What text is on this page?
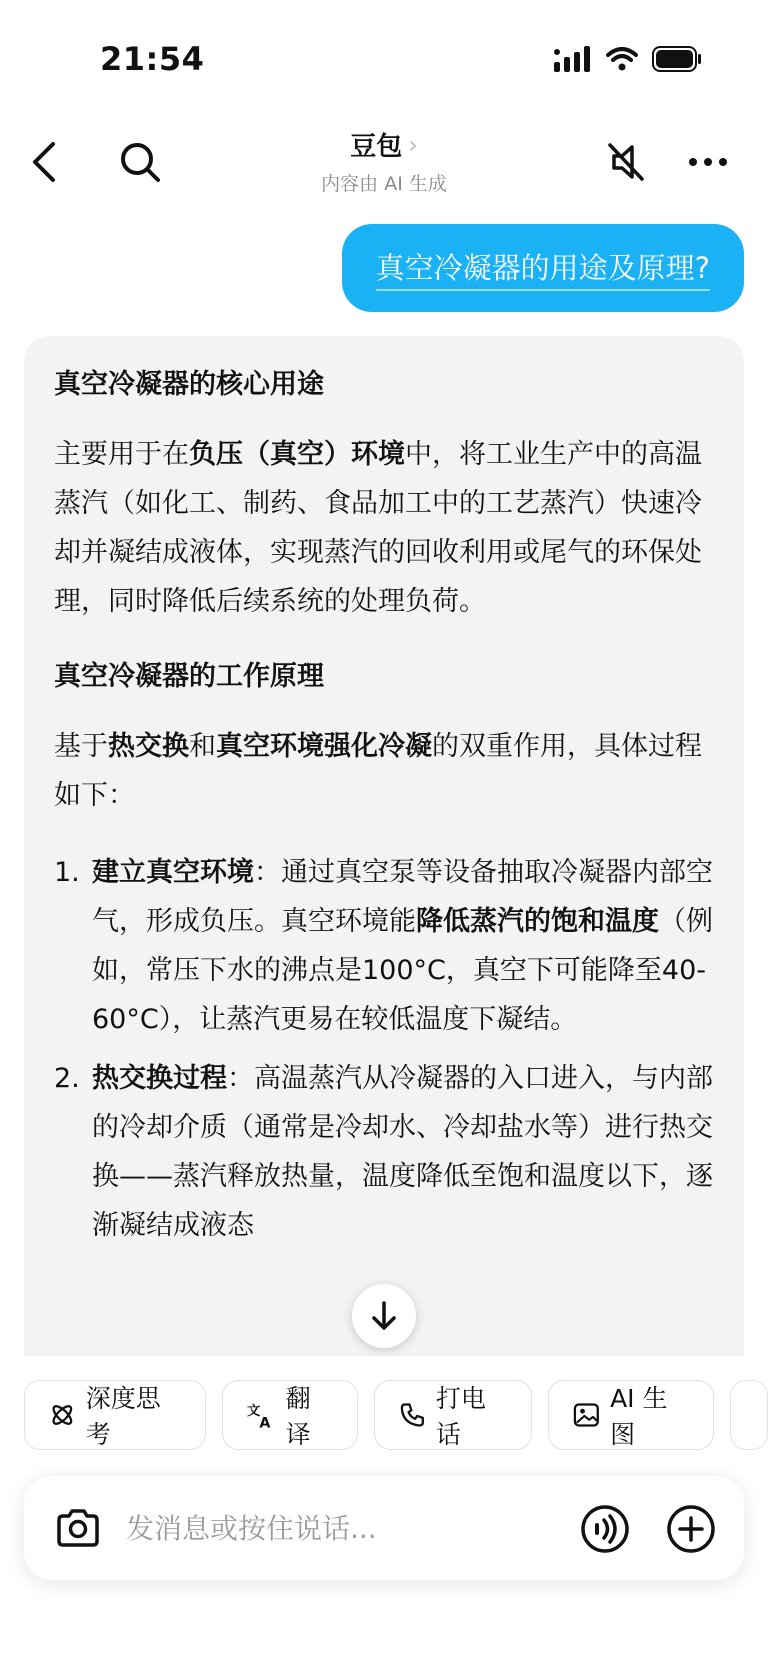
21:54
豆包 ›
内容由 AI 生成
真空冷凝器的用途及原理?
真空冷凝器的核心用途

主要用于在负压（真空）环境中，将工业生产中的高温蒸汽（如化工、制药、食品加工中的工艺蒸汽）快速冷却并凝结成液体，实现蒸汽的回收利用或尾气的环保处理，同时降低后续系统的处理负荷。

真空冷凝器的工作原理

基于热交换和真空环境强化冷凝的双重作用，具体过程如下：

1. 建立真空环境：通过真空泵等设备抽取冷凝器内部空气，形成负压。真空环境能降低蒸汽的饱和温度（例如，常压下水的沸点是100°C，真空下可能降至40-60°C），让蒸汽更易在较低温度下凝结。
2. 热交换过程：高温蒸汽从冷凝器的入口进入，与内部的冷却介质（通常是冷却水、冷却盐水等）进行热交换——蒸汽释放热量，温度降低至饱和温度以下，逐渐凝结成液态
深度思考
文
A
翻译
打电话
AI 生图
发消息或按住说话...
